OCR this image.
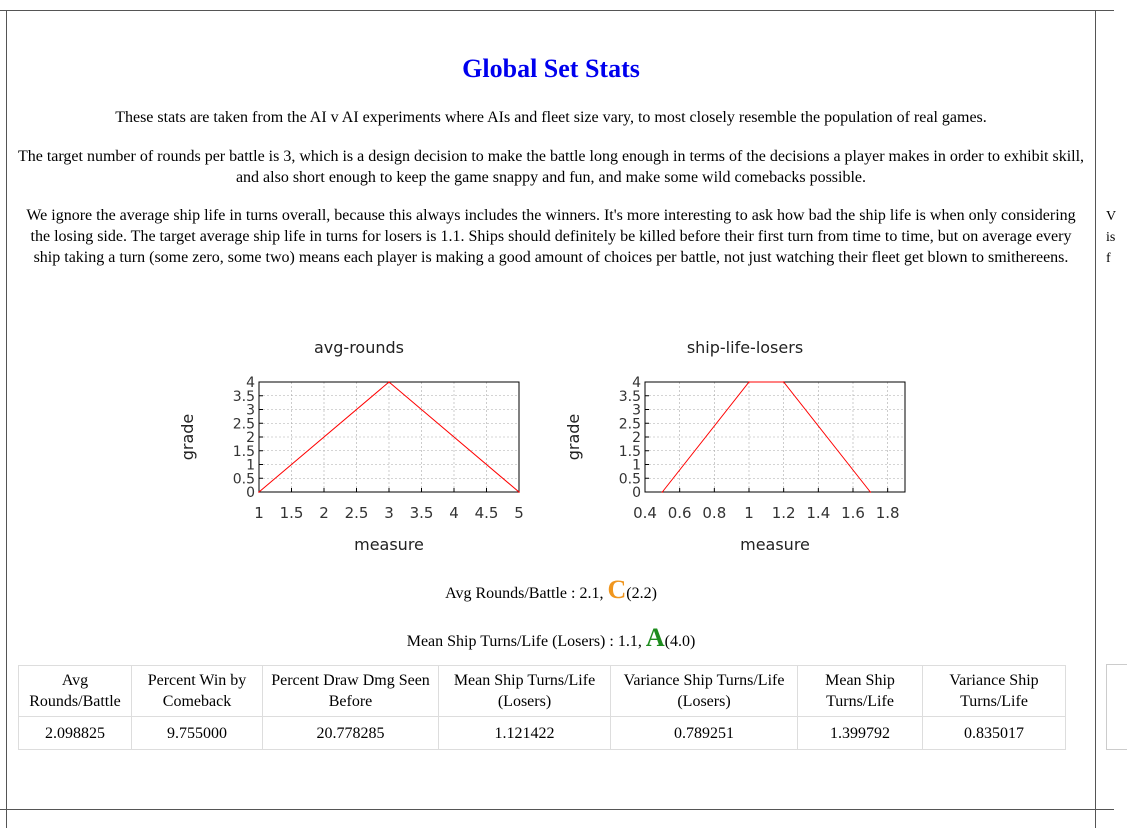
V
is
f
Global Set Stats

These stats are taken from the AI v AI experiments where AIs and fleet size vary, to most closely resemble the population of real games.

The target number of rounds per battle is 3, which is a design decision to make the battle long enough in terms of the decisions a player makes in order to exhibit skill, and also short enough to keep the game snappy and fun, and make some wild comebacks possible.

We ignore the average ship life in turns overall, because this always includes the winners. It's more interesting to ask how bad the ship life is when only considering the losing side. The target average ship life in turns for losers is 1.1. Ships should definitely be killed before their first turn from time to time, but on average every ship taking a turn (some zero, some two) means each player is making a good amount of choices per battle, not just watching their fleet get blown to smithereens.

1 1.5 2 2.5 3 3.5 4 4.5 5
0
0.5
1
1.5
2
2.5
3
3.5
4
avg-rounds
measure
grade
0.4 0.6 0.8 1 1.2 1.4 1.6 1.8
0
0.5
1
1.5
2
2.5
3
3.5
4
ship-life-losers
measure
grade
Avg Rounds/Battle : 2.1, C(2.2)
Mean Ship Turns/Life (Losers) : 1.1, A(4.0)
Avg Rounds/Battle	Percent Win by Comeback	Percent Draw Dmg Seen Before	Mean Ship Turns/Life (Losers)	Variance Ship Turns/Life (Losers)	Mean Ship Turns/Life	Variance Ship Turns/Life
2.098825	9.755000	20.778285	1.121422	0.789251	1.399792	0.835017
